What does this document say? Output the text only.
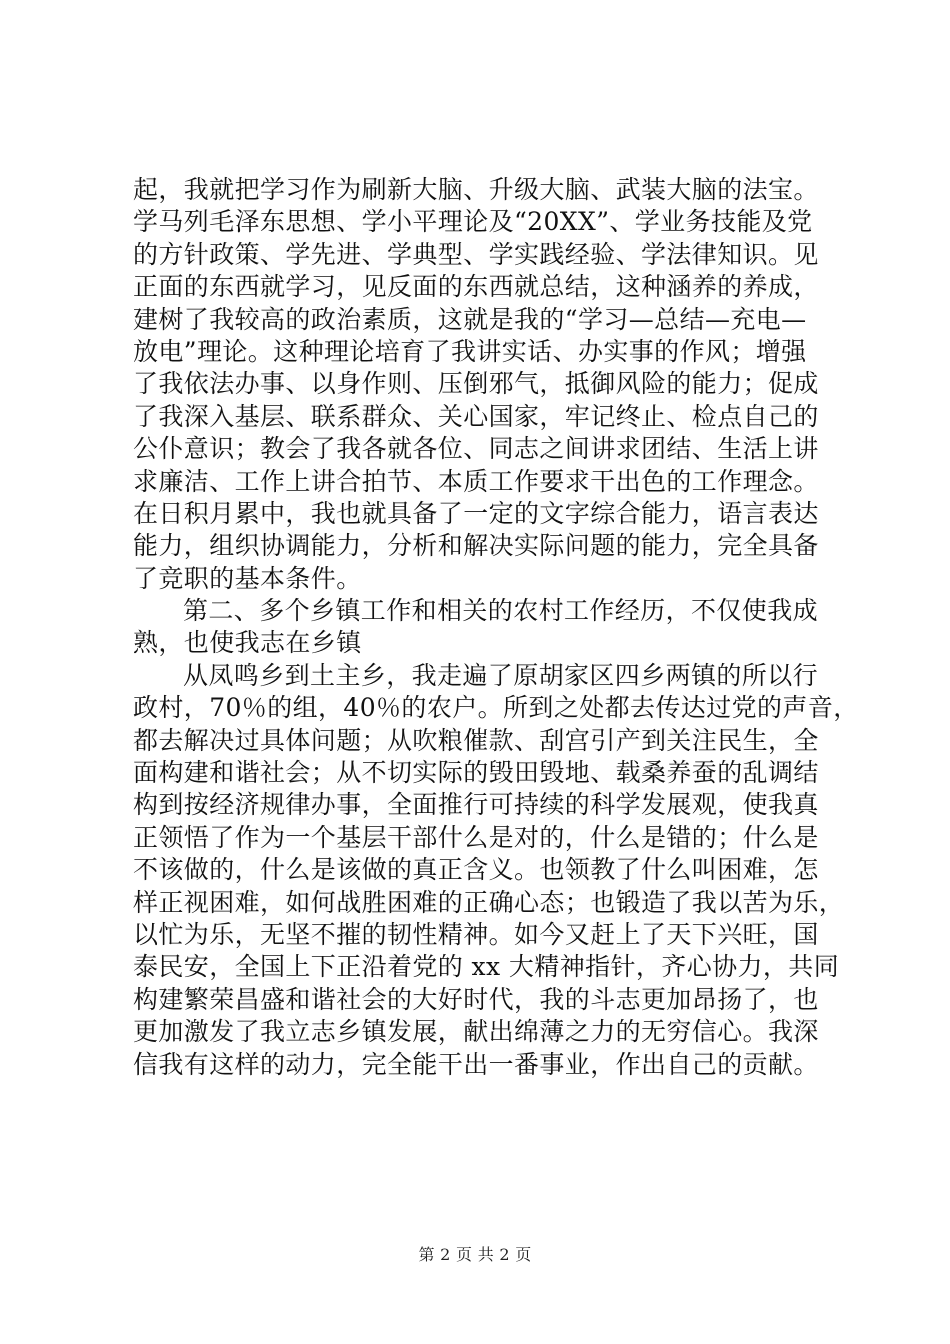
起，我就把学习作为刷新大脑、升级大脑、武装大脑的法宝。
学马列毛泽东思想、学小平理论及“20XX”、学业务技能及党
的方针政策、学先进、学典型、学实践经验、学法律知识。见
正面的东西就学习，见反面的东西就总结，这种涵养的养成，
建树了我较高的政治素质，这就是我的“学习—总结—充电—
放电”理论。这种理论培育了我讲实话、办实事的作风；增强
了我依法办事、以身作则、压倒邪气，抵御风险的能力；促成
了我深入基层、联系群众、关心国家，牢记终止、检点自己的
公仆意识；教会了我各就各位、同志之间讲求团结、生活上讲
求廉洁、工作上讲合拍节、本质工作要求干出色的工作理念。
在日积月累中，我也就具备了一定的文字综合能力，语言表达
能力，组织协调能力，分析和解决实际问题的能力，完全具备
了竞职的基本条件。
第二、多个乡镇工作和相关的农村工作经历，不仅使我成
熟，也使我志在乡镇
从凤鸣乡到土主乡，我走遍了原胡家区四乡两镇的所以行
政村，70％的组，40％的农户。所到之处都去传达过党的声音，
都去解决过具体问题；从吹粮催款、刮宫引产到关注民生，全
面构建和谐社会；从不切实际的毁田毁地、载桑养蚕的乱调结
构到按经济规律办事，全面推行可持续的科学发展观，使我真
正领悟了作为一个基层干部什么是对的，什么是错的；什么是
不该做的，什么是该做的真正含义。也领教了什么叫困难，怎
样正视困难，如何战胜困难的正确心态；也锻造了我以苦为乐，
以忙为乐，无坚不摧的韧性精神。如今又赶上了天下兴旺，国
泰民安，全国上下正沿着党的 xx 大精神指针，齐心协力，共同
构建繁荣昌盛和谐社会的大好时代，我的斗志更加昂扬了，也
更加激发了我立志乡镇发展，献出绵薄之力的无穷信心。我深
信我有这样的动力，完全能干出一番事业，作出自己的贡献。
第 2 页 共 2 页
